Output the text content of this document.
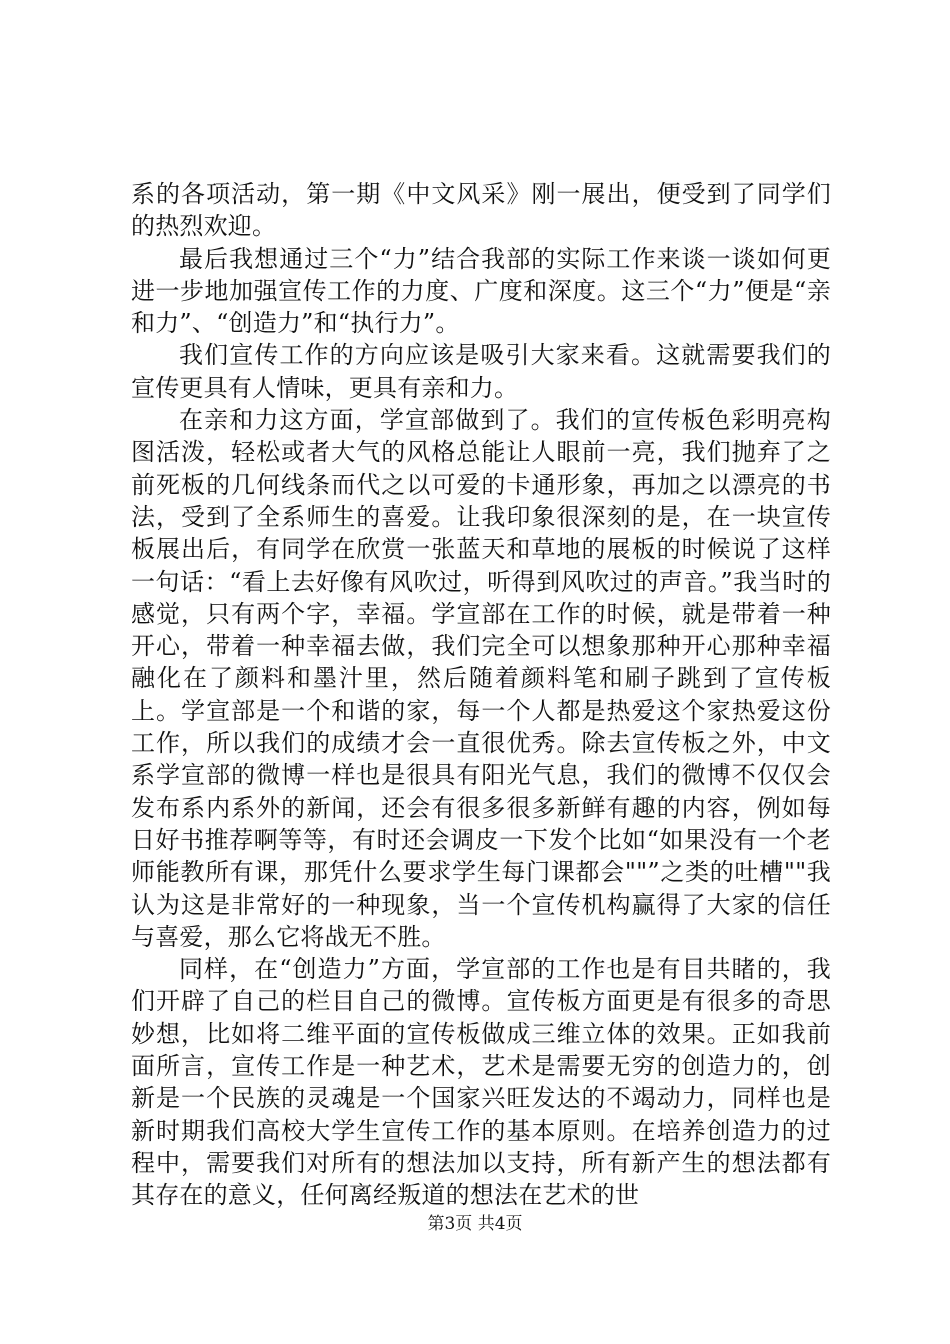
系的各项活动，第一期《中文风采》刚一展出，便受到了同学们的热烈欢迎。

最后我想通过三个“力”结合我部的实际工作来谈一谈如何更进一步地加强宣传工作的力度、广度和深度。这三个“力”便是“亲和力”、“创造力”和“执行力”。

我们宣传工作的方向应该是吸引大家来看。这就需要我们的宣传更具有人情味，更具有亲和力。

在亲和力这方面，学宣部做到了。我们的宣传板色彩明亮构图活泼，轻松或者大气的风格总能让人眼前一亮，我们抛弃了之前死板的几何线条而代之以可爱的卡通形象，再加之以漂亮的书法，受到了全系师生的喜爱。让我印象很深刻的是，在一块宣传板展出后，有同学在欣赏一张蓝天和草地的展板的时候说了这样一句话：“看上去好像有风吹过，听得到风吹过的声音。”我当时的感觉，只有两个字，幸福。学宣部在工作的时候，就是带着一种开心，带着一种幸福去做，我们完全可以想象那种开心那种幸福融化在了颜料和墨汁里，然后随着颜料笔和刷子跳到了宣传板上。学宣部是一个和谐的家，每一个人都是热爱这个家热爱这份工作，所以我们的成绩才会一直很优秀。除去宣传板之外，中文系学宣部的微博一样也是很具有阳光气息，我们的微博不仅仅会发布系内系外的新闻，还会有很多很多新鲜有趣的内容，例如每日好书推荐啊等等，有时还会调皮一下发个比如“如果没有一个老师能教所有课，那凭什么要求学生每门课都会""”之类的吐槽""我认为这是非常好的一种现象，当一个宣传机构赢得了大家的信任与喜爱，那么它将战无不胜。

同样，在“创造力”方面，学宣部的工作也是有目共睹的，我们开辟了自己的栏目自己的微博。宣传板方面更是有很多的奇思妙想，比如将二维平面的宣传板做成三维立体的效果。正如我前面所言，宣传工作是一种艺术，艺术是需要无穷的创造力的，创新是一个民族的灵魂是一个国家兴旺发达的不竭动力，同样也是新时期我们高校大学生宣传工作的基本原则。在培养创造力的过程中，需要我们对所有的想法加以支持，所有新产生的想法都有其存在的意义，任何离经叛道的想法在艺术的世

第3页 共4页
